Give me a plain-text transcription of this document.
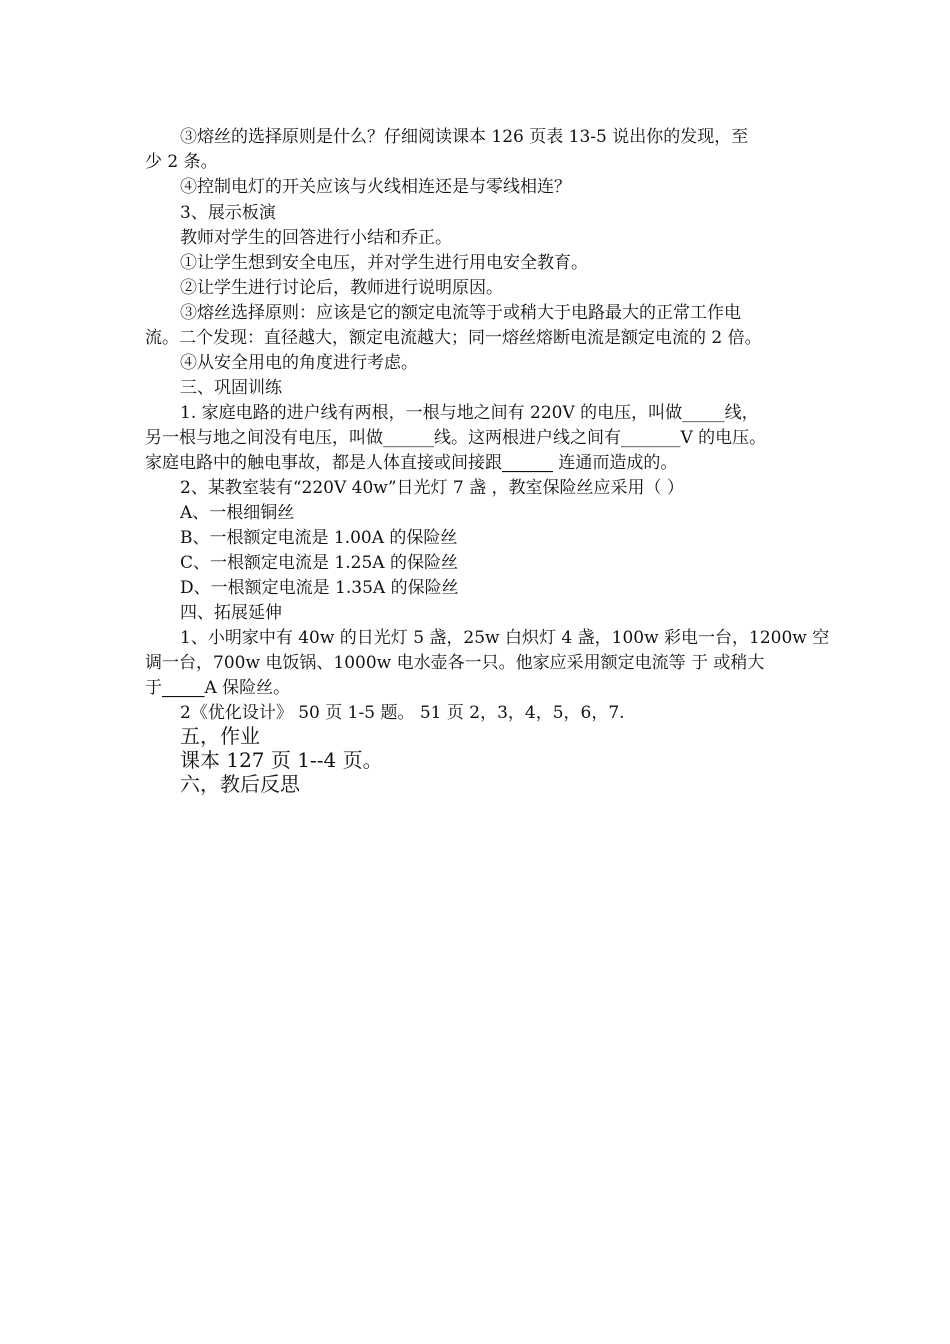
③熔丝的选择原则是什么？仔细阅读课本 126 页表 13-5 说出你的发现，至
少 2 条。
④控制电灯的开关应该与火线相连还是与零线相连？
3、展示板演
教师对学生的回答进行小结和乔正。
①让学生想到安全电压，并对学生进行用电安全教育。
②让学生进行讨论后，教师进行说明原因。
③熔丝选择原则：应该是它的额定电流等于或稍大于电路最大的正常工作电
流。二个发现：直径越大，额定电流越大；同一熔丝熔断电流是额定电流的 2 倍。
④从安全用电的角度进行考虑。
三、巩固训练
1. 家庭电路的进户线有两根，一根与地之间有 220V 的电压，叫做_____线，
另一根与地之间没有电压，叫做______线。这两根进户线之间有_______V 的电压。
家庭电路中的触电事故，都是人体直接或间接跟______ 连通而造成的。
2、某教室装有“220V 40w”日光灯 7 盏 ，教室保险丝应采用（ ）
A、一根细铜丝
B、一根额定电流是 1.00A 的保险丝
C、一根额定电流是 1.25A 的保险丝
D、一根额定电流是 1.35A 的保险丝
四、拓展延伸
1、小明家中有 40w 的日光灯 5 盏，25w 白炽灯 4 盏，100w 彩电一台，1200w 空
调一台，700w 电饭锅、1000w 电水壶各一只。他家应采用额定电流等 于 或稍大
于_____A 保险丝。
2《优化设计》 50 页 1-5 题。 51 页 2，3，4，5，6，7.
五，作业
课本 127 页 1--4 页。
六，教后反思
